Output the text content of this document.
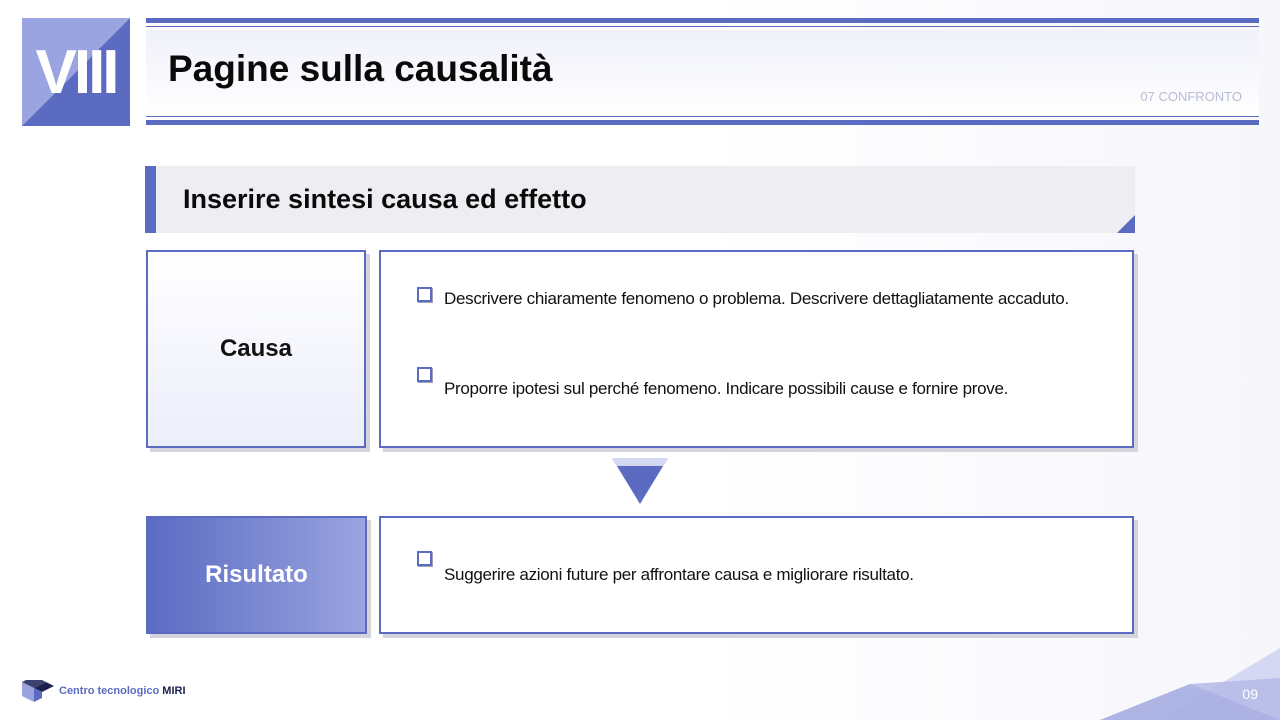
VIII	Pagine sulla causalità
07 CONFRONTO
Inserire sintesi causa ed effetto
Causa
Descrivere chiaramente fenomeno o problema. Descrivere dettagliatamente accaduto.
Proporre ipotesi sul perché fenomeno. Indicare possibili cause e fornire prove.
Risultato	Suggerire azioni future per affrontare causa e migliorare risultato.
Centro tecnologico MIRI	09
